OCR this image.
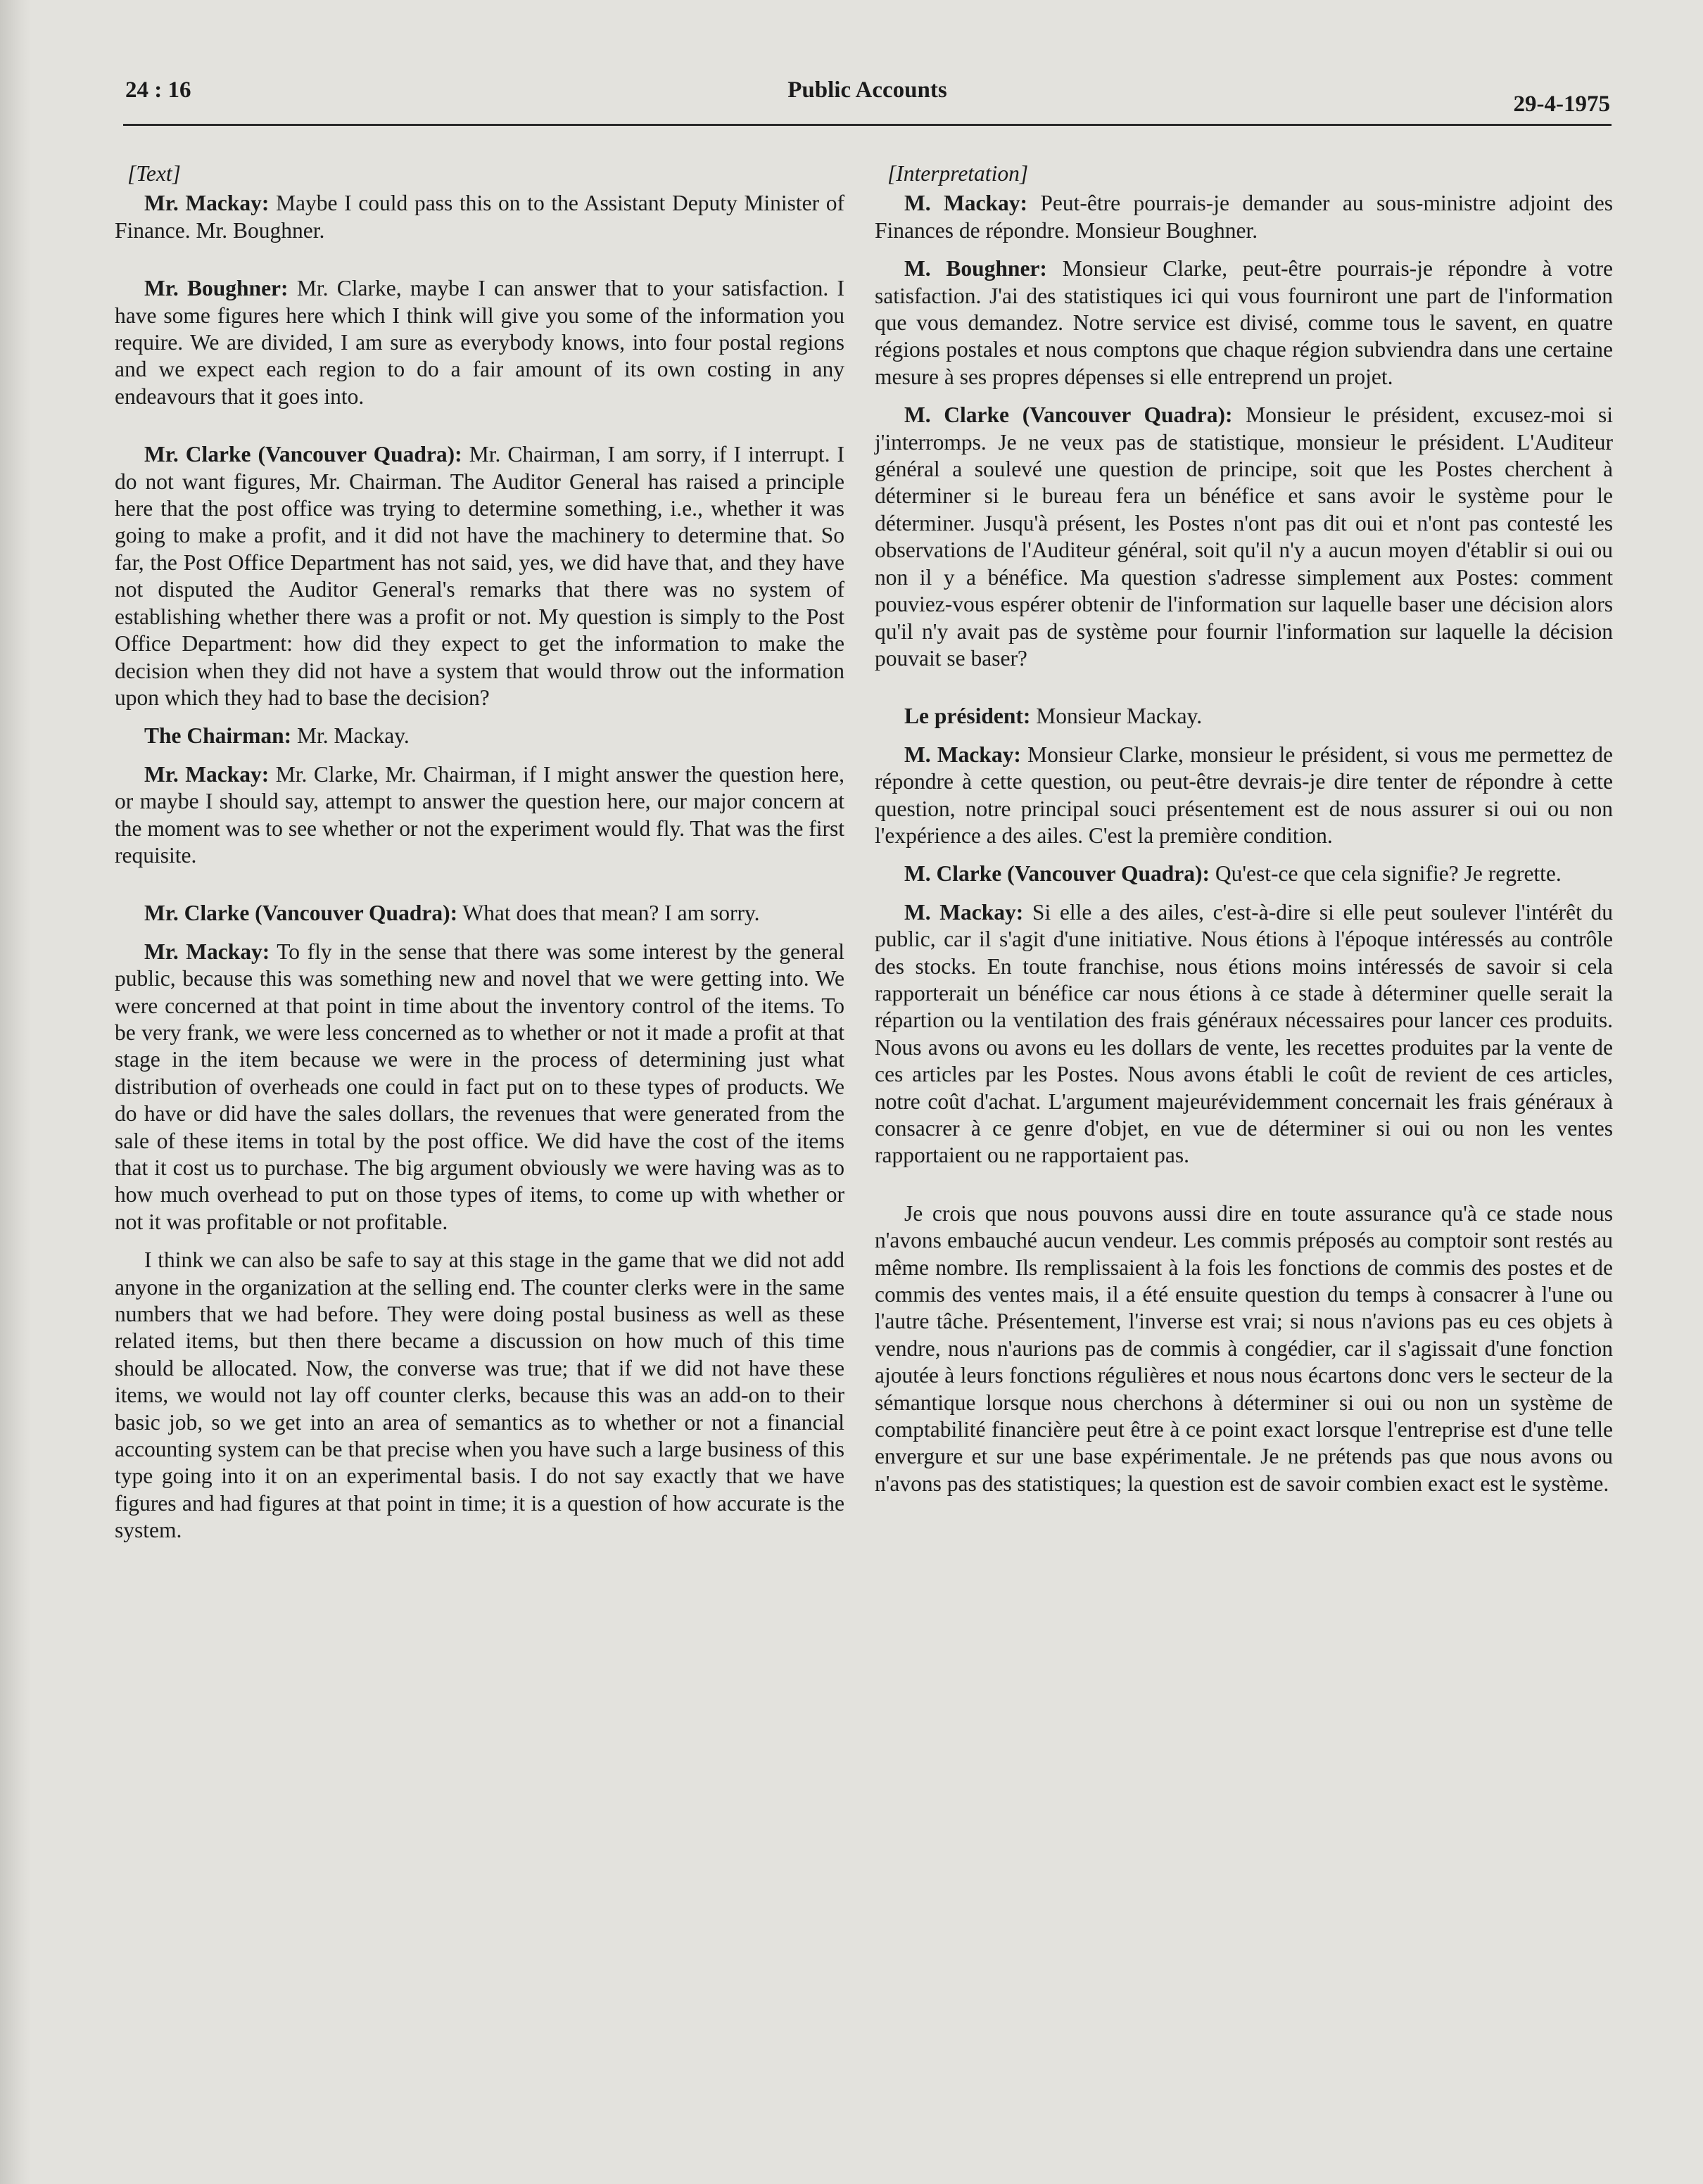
24 : 16	Public Accounts
29-4-1975

[Text]

Mr. Mackay: Maybe I could pass this on to the Assistant Deputy Minister of Finance. Mr. Boughner.

Mr. Boughner: Mr. Clarke, maybe I can answer that to your satisfaction. I have some figures here which I think will give you some of the information you require. We are divided, I am sure as everybody knows, into four postal regions and we expect each region to do a fair amount of its own costing in any endeavours that it goes into.

Mr. Clarke (Vancouver Quadra): Mr. Chairman, I am sorry, if I interrupt. I do not want figures, Mr. Chairman. The Auditor General has raised a principle here that the post office was trying to determine something, i.e., whether it was going to make a profit, and it did not have the machinery to determine that. So far, the Post Office Department has not said, yes, we did have that, and they have not disputed the Auditor General's remarks that there was no system of establishing whether there was a profit or not. My question is simply to the Post Office Department: how did they expect to get the information to make the decision when they did not have a system that would throw out the information upon which they had to base the decision?

The Chairman: Mr. Mackay.

Mr. Mackay: Mr. Clarke, Mr. Chairman, if I might answer the question here, or maybe I should say, attempt to answer the question here, our major concern at the moment was to see whether or not the experiment would fly. That was the first requisite.

Mr. Clarke (Vancouver Quadra): What does that mean? I am sorry.

Mr. Mackay: To fly in the sense that there was some interest by the general public, because this was something new and novel that we were getting into. We were concerned at that point in time about the inventory control of the items. To be very frank, we were less concerned as to whether or not it made a profit at that stage in the item because we were in the process of determining just what distribution of overheads one could in fact put on to these types of products. We do have or did have the sales dollars, the revenues that were generated from the sale of these items in total by the post office. We did have the cost of the items that it cost us to purchase. The big argument obviously we were having was as to how much overhead to put on those types of items, to come up with whether or not it was profitable or not profitable.

I think we can also be safe to say at this stage in the game that we did not add anyone in the organization at the selling end. The counter clerks were in the same numbers that we had before. They were doing postal business as well as these related items, but then there became a discussion on how much of this time should be allocated. Now, the converse was true; that if we did not have these items, we would not lay off counter clerks, because this was an add-on to their basic job, so we get into an area of semantics as to whether or not a financial accounting system can be that precise when you have such a large business of this type going into it on an experimental basis. I do not say exactly that we have figures and had figures at that point in time; it is a question of how accurate is the system.

[Interpretation]

M. Mackay: Peut-être pourrais-je demander au sous-ministre adjoint des Finances de répondre. Monsieur Boughner.

M. Boughner: Monsieur Clarke, peut-être pourrais-je répondre à votre satisfaction. J'ai des statistiques ici qui vous fourniront une part de l'information que vous demandez. Notre service est divisé, comme tous le savent, en quatre régions postales et nous comptons que chaque région subviendra dans une certaine mesure à ses propres dépenses si elle entreprend un projet.

M. Clarke (Vancouver Quadra): Monsieur le président, excusez-moi si j'interromps. Je ne veux pas de statistique, monsieur le président. L'Auditeur général a soulevé une question de principe, soit que les Postes cherchent à déterminer si le bureau fera un bénéfice et sans avoir le système pour le déterminer. Jusqu'à présent, les Postes n'ont pas dit oui et n'ont pas contesté les observations de l'Auditeur général, soit qu'il n'y a aucun moyen d'établir si oui ou non il y a bénéfice. Ma question s'adresse simplement aux Postes: comment pouviez-vous espérer obtenir de l'information sur laquelle baser une décision alors qu'il n'y avait pas de système pour fournir l'information sur laquelle la décision pouvait se baser?

Le président: Monsieur Mackay.

M. Mackay: Monsieur Clarke, monsieur le président, si vous me permettez de répondre à cette question, ou peut-être devrais-je dire tenter de répondre à cette question, notre principal souci présentement est de nous assurer si oui ou non l'expérience a des ailes. C'est la première condition.

M. Clarke (Vancouver Quadra): Qu'est-ce que cela signifie? Je regrette.

M. Mackay: Si elle a des ailes, c'est-à-dire si elle peut soulever l'intérêt du public, car il s'agit d'une initiative. Nous étions à l'époque intéressés au contrôle des stocks. En toute franchise, nous étions moins intéressés de savoir si cela rapporterait un bénéfice car nous étions à ce stade à déterminer quelle serait la répartion ou la ventilation des frais généraux nécessaires pour lancer ces produits. Nous avons ou avons eu les dollars de vente, les recettes produites par la vente de ces articles par les Postes. Nous avons établi le coût de revient de ces articles, notre coût d'achat. L'argument majeurévidemment concernait les frais généraux à consacrer à ce genre d'objet, en vue de déterminer si oui ou non les ventes rapportaient ou ne rapportaient pas.

Je crois que nous pouvons aussi dire en toute assurance qu'à ce stade nous n'avons embauché aucun vendeur. Les commis préposés au comptoir sont restés au même nombre. Ils remplissaient à la fois les fonctions de commis des postes et de commis des ventes mais, il a été ensuite question du temps à consacrer à l'une ou l'autre tâche. Présentement, l'inverse est vrai; si nous n'avions pas eu ces objets à vendre, nous n'aurions pas de commis à congédier, car il s'agissait d'une fonction ajoutée à leurs fonctions régulières et nous nous écartons donc vers le secteur de la sémantique lorsque nous cherchons à déterminer si oui ou non un système de comptabilité financière peut être à ce point exact lorsque l'entreprise est d'une telle envergure et sur une base expérimentale. Je ne prétends pas que nous avons ou n'avons pas des statistiques; la question est de savoir combien exact est le système.
